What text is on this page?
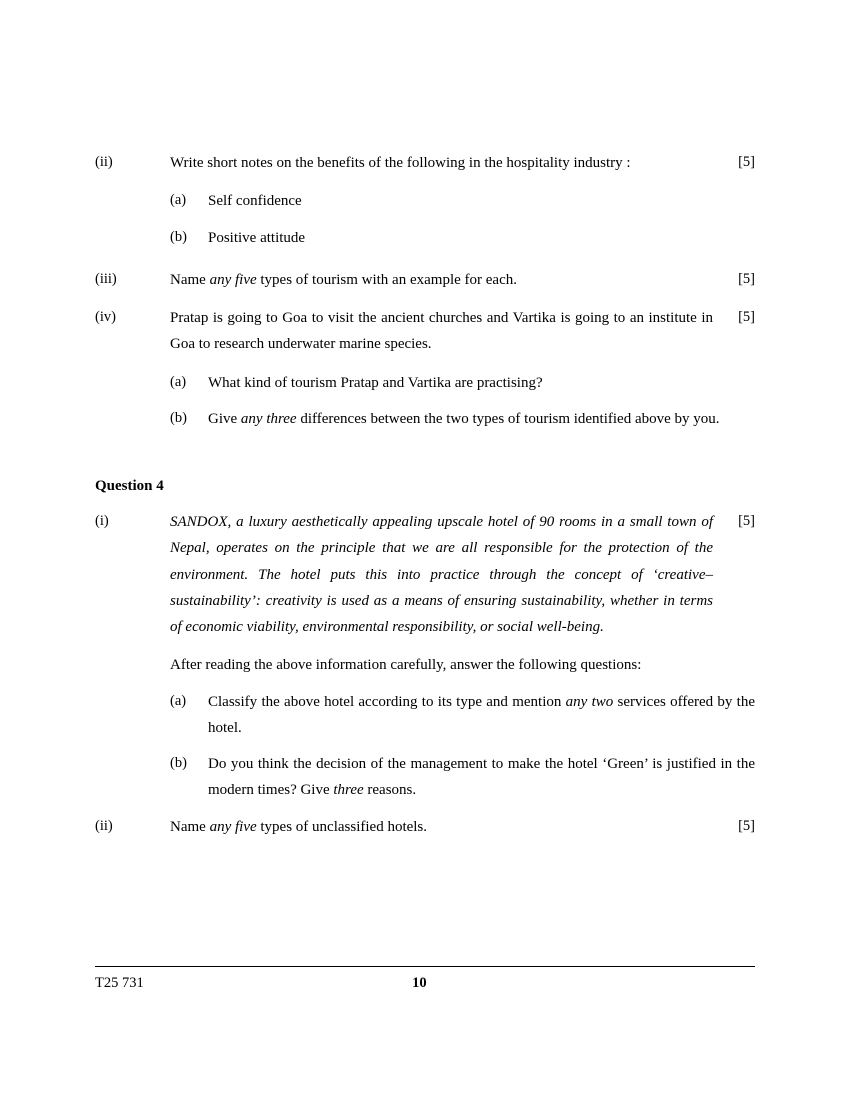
(ii)	Write short notes on the benefits of the following in the hospitality industry :	[5]
(a)	Self confidence
(b)	Positive attitude
(iii)	Name any five types of tourism with an example for each.	[5]
(iv)	Pratap is going to Goa to visit the ancient churches and Vartika is going to an institute in Goa to research underwater marine species.
[5]
(a)	What kind of tourism Pratap and Vartika are practising?
(b)	Give any three differences between the two types of tourism identified above by you.
Question 4
(i)	SANDOX, a luxury aesthetically appealing upscale hotel of 90 rooms in a small town of Nepal, operates on the principle that we are all responsible for the protection of the environment. The hotel puts this into practice through the concept of ‘creative–sustainability’: creativity is used as a means of ensuring sustainability, whether in terms of economic viability, environmental responsibility, or social well-being.
[5]
After reading the above information carefully, answer the following questions:
(a)	Classify the above hotel according to its type and mention any two services offered by the hotel.
(b)	Do you think the decision of the management to make the hotel ‘Green’ is justified in the modern times? Give three reasons.
(ii)	Name any five types of unclassified hotels.	[5]
T25 731	10
